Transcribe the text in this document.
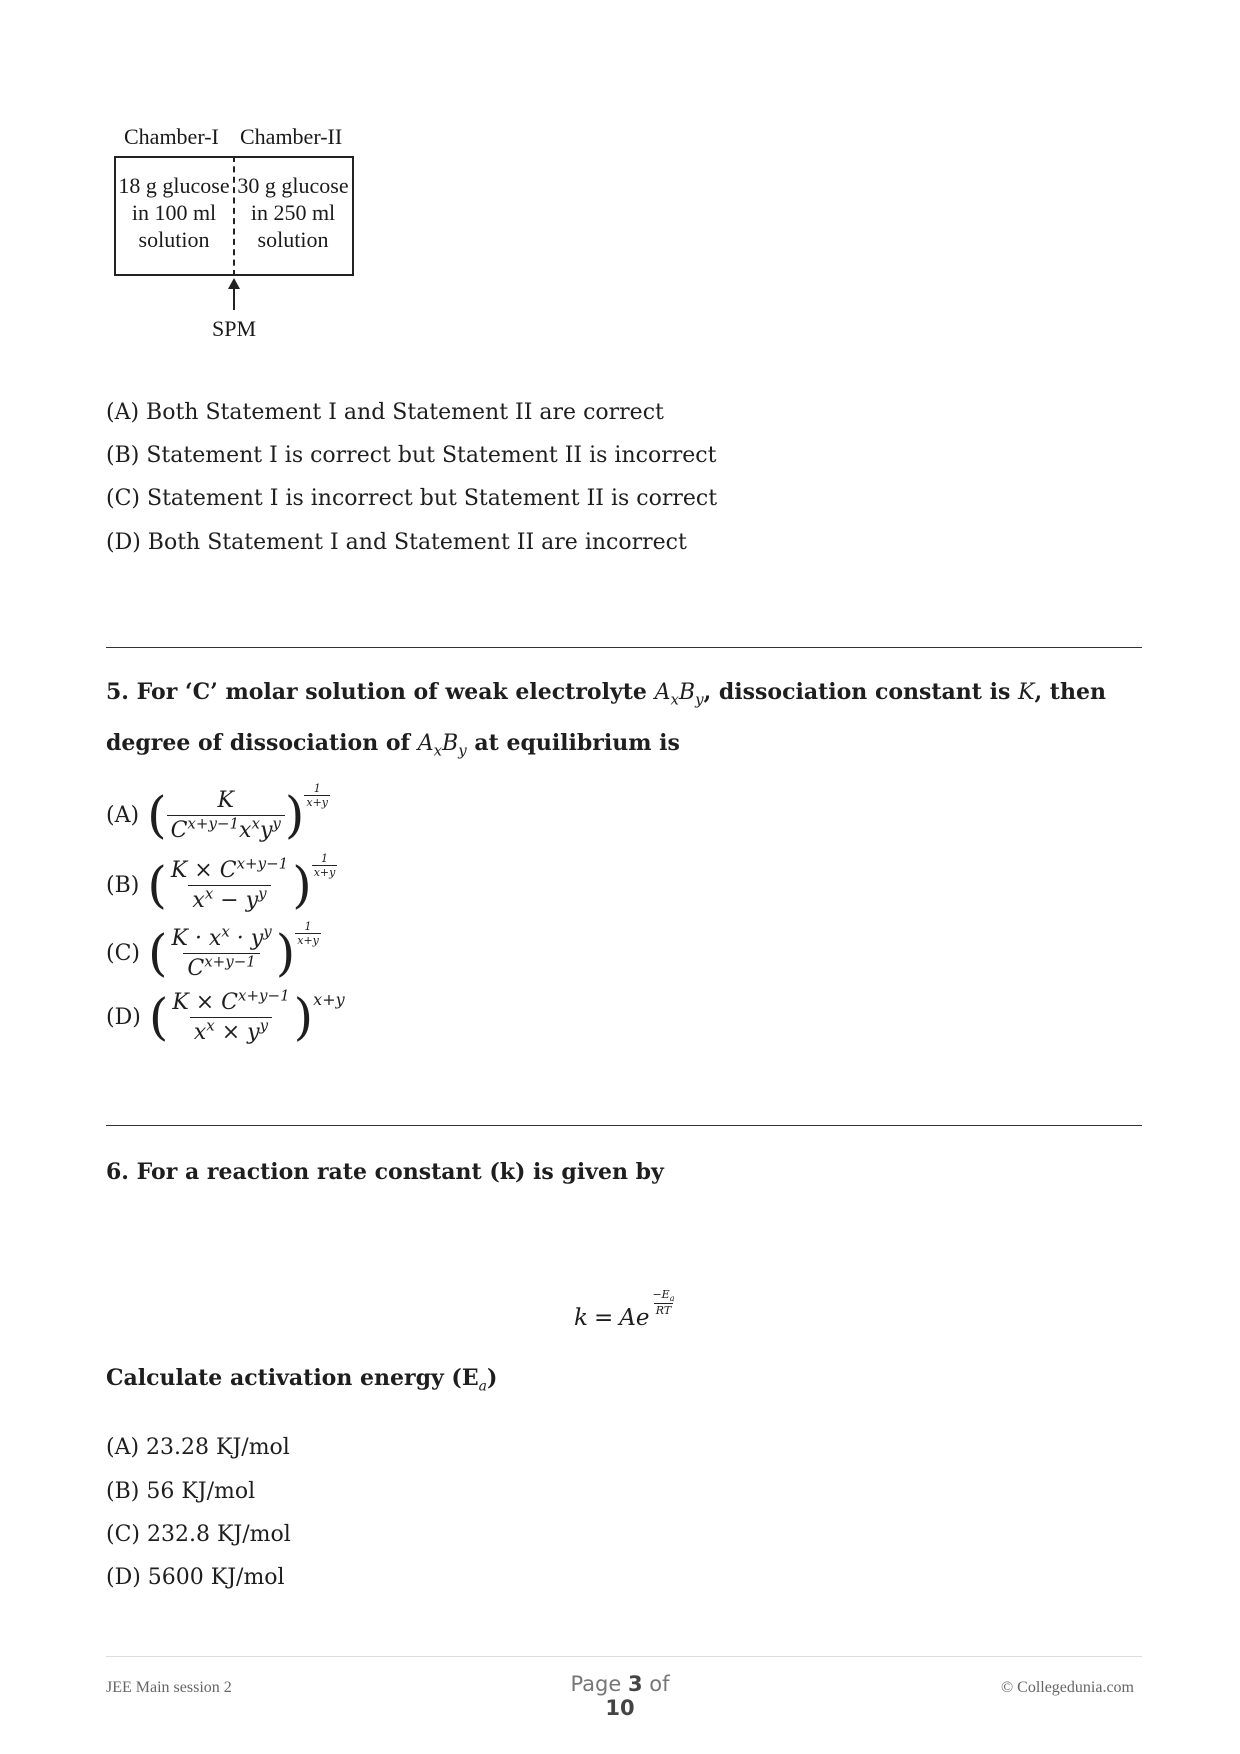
Chamber-I Chamber-II
18 g glucose
in 100 ml
solution
30 g glucose
in 250 ml
solution
SPM
(A) Both Statement I and Statement II are correct
(B) Statement I is correct but Statement II is incorrect
(C) Statement I is incorrect but Statement II is correct
(D) Both Statement I and Statement II are incorrect
5. For ‘C’ molar solution of weak electrolyte $A_xB_y$, dissociation constant is K, then degree of dissociation of $A_xB_y$ at equilibrium is
(A) ( $\frac{K}{C^{x+y-1}x^xy^y}$ ) $\frac{1}{x+y}$
(B) ( $\frac{K \times C^{x+y-1}}{x^x - y^y}$ ) $\frac{1}{x+y}$
(C) ( $\frac{K \cdot x^x \cdot y^y}{C^{x+y-1}}$ ) $\frac{1}{x+y}$
(D) ( $\frac{K \times C^{x+y-1}}{x^x \times y^y}$ ) x+y
6. For a reaction rate constant (k) is given by
k = Ae
$\frac{-E_a}{RT}$
Calculate activation energy $(E_a)$
(A) 23.28 KJ/mol
(B) 56 KJ/mol
(C) 232.8 KJ/mol
(D) 5600 KJ/mol
JEE Main session 2	Page 3 of 10
© Collegedunia.com
